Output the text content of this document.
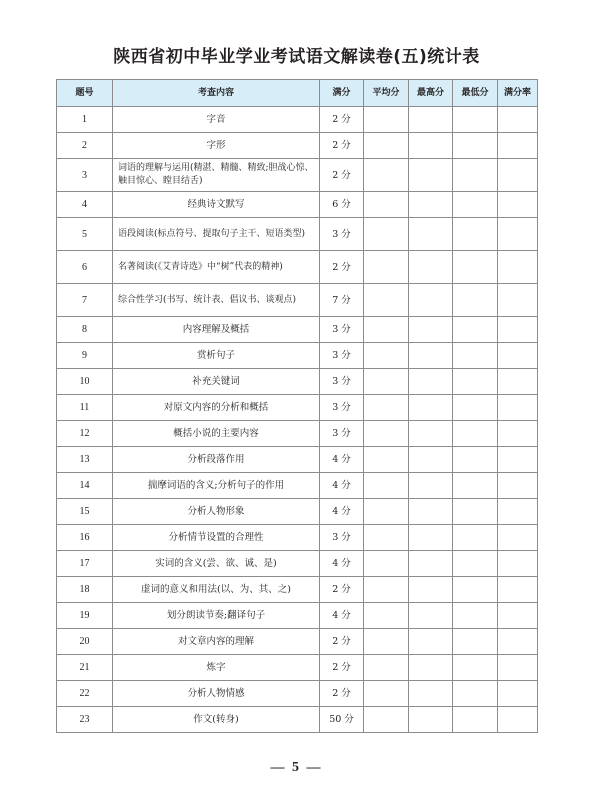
陕西省初中毕业学业考试语文解读卷(五)统计表
题号	考查内容	满分	平均分	最高分	最低分	满分率
1	字音	2 分				
2	字形	2 分				
3	词语的理解与运用(精湛、精髓、精致;胆战心惊、触目惊心、瞠目结舌)	2 分				
4	经典诗文默写	6 分				
5	语段阅读(标点符号、提取句子主干、短语类型)	3 分				
6	名著阅读(《艾青诗选》中“树”代表的精神)	2 分				
7	综合性学习(书写、统计表、倡议书、谈观点)	7 分				
8	内容理解及概括	3 分				
9	赏析句子	3 分				
10	补充关键词	3 分				
11	对原文内容的分析和概括	3 分				
12	概括小说的主要内容	3 分				
13	分析段落作用	4 分				
14	揣摩词语的含义;分析句子的作用	4 分				
15	分析人物形象	4 分				
16	分析情节设置的合理性	3 分				
17	实词的含义(尝、欲、诚、是)	4 分				
18	虚词的意义和用法(以、为、其、之)	2 分				
19	划分朗读节奏;翻译句子	4 分				
20	对文章内容的理解	2 分				
21	炼字	2 分				
22	分析人物情感	2 分				
23	作文(转身)	50 分				
— 5 —
